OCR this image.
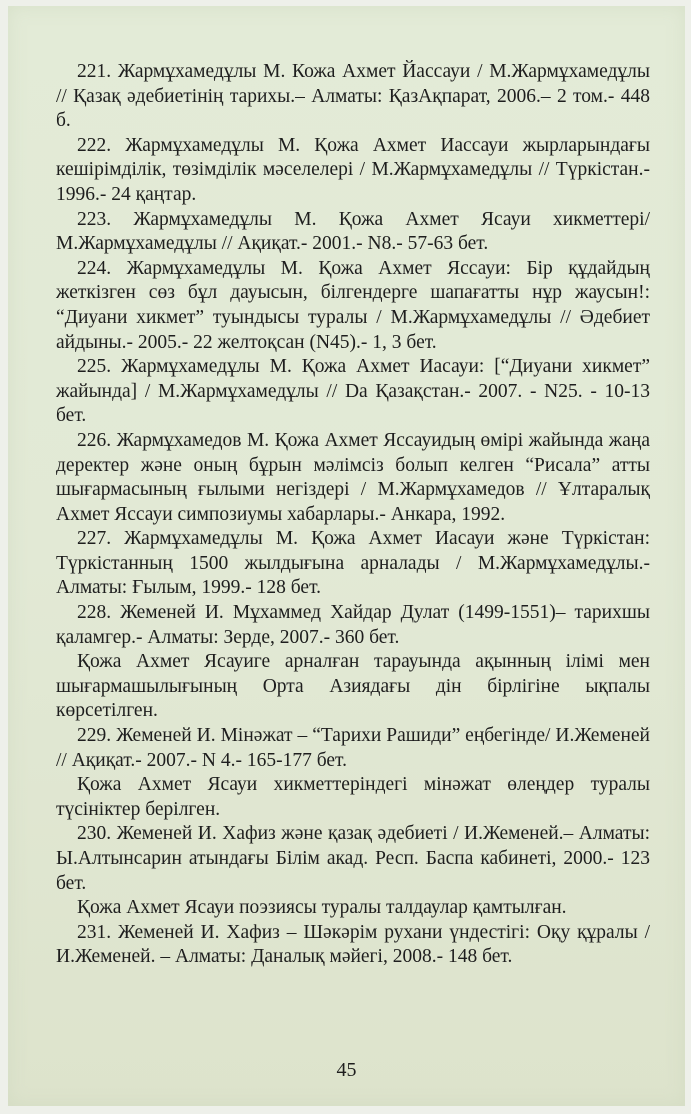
221. Жармұхамедұлы М. Кожа Ахмет Йассауи / М.Жармұхамедұлы // Қазақ әдебиетінің тарихы.– Алматы: ҚазАқпарат, 2006.– 2 том.- 448 б.

222. Жармұхамедұлы М. Қожа Ахмет Иассауи жырларындағы кешірімділік, төзімділік мәселелері / М.Жармұхамедұлы // Түркістан.- 1996.- 24 қаңтар.

223. Жармұхамедұлы М. Қожа Ахмет Ясауи хикметтері/ М.Жармұхамедұлы // Ақиқат.- 2001.- N8.- 57-63 бет.

224. Жармұхамедұлы М. Қожа Ахмет Яссауи: Бір құдайдың жеткізген сөз бұл дауысын, білгендерге шапағатты нұр жаусын!: “Диуани хикмет” туындысы туралы / М.Жармұхамедұлы // Әдебиет айдыны.- 2005.- 22 желтоқсан (N45).- 1, 3 бет.

225. Жармұхамедұлы М. Қожа Ахмет Иасауи: [“Диуани хикмет” жайында] / М.Жармұхамедұлы // Da Қазақстан.- 2007. - N25. - 10-13 бет.

226. Жармұхамедов М. Қожа Ахмет Яссауидың өмірі жайында жаңа деректер және оның бұрын мәлімсіз болып келген “Рисала” атты шығармасының ғылыми негіздері / М.Жармұхамедов // Ұлтаралық Ахмет Яссауи симпозиумы хабарлары.- Анкара, 1992.

227. Жармұхамедұлы М. Қожа Ахмет Иасауи және Түркістан: Түркістанның 1500 жылдығына арналады / М.Жармұхамедұлы.- Алматы: Ғылым, 1999.- 128 бет.

228. Жеменей И. Мұхаммед Хайдар Дулат (1499-1551)– тарихшы қаламгер.- Алматы: Зерде, 2007.- 360 бет.

Қожа Ахмет Ясауиге арналған тарауында ақынның ілімі мен шығармашылығының Орта Азиядағы дін бірлігіне ықпалы көрсетілген.

229. Жеменей И. Мінәжат – “Тарихи Рашиди” еңбегінде/ И.Жеменей // Ақиқат.- 2007.- N 4.- 165-177 бет.

Қожа Ахмет Ясауи хикметтеріндегі мінәжат өлеңдер туралы түсініктер берілген.

230. Жеменей И. Хафиз және қазақ әдебиеті / И.Жеменей.– Алматы: Ы.Алтынсарин атындағы Білім акад. Респ. Баспа кабинеті, 2000.- 123 бет.

Қожа Ахмет Ясауи поэзиясы туралы талдаулар қамтылған.

231. Жеменей И. Хафиз – Шәкәрім рухани үндестігі: Оқу құралы / И.Жеменей. – Алматы: Даналық мәйегі, 2008.- 148 бет.

45
